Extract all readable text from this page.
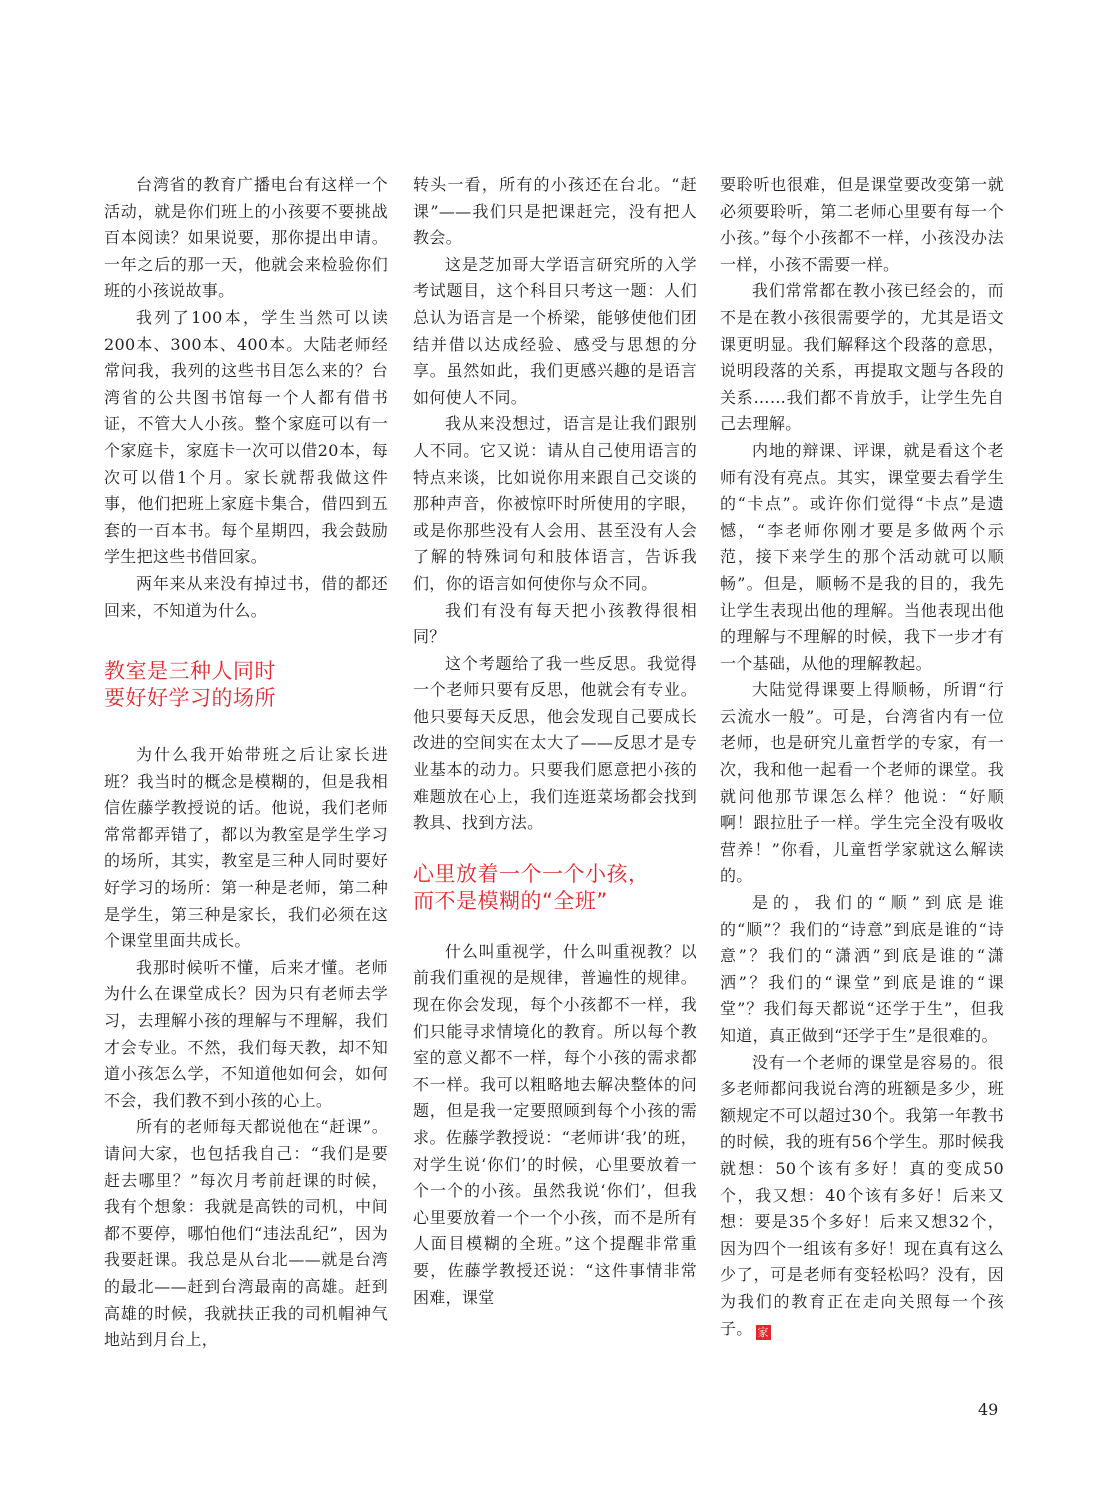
台湾省的教育广播电台有这样一个活动，就是你们班上的小孩要不要挑战百本阅读？如果说要，那你提出申请。一年之后的那一天，他就会来检验你们班的小孩说故事。

我列了100本，学生当然可以读200本、300本、400本。大陆老师经常问我，我列的这些书目怎么来的？台湾省的公共图书馆每一个人都有借书证，不管大人小孩。整个家庭可以有一个家庭卡，家庭卡一次可以借20本，每次可以借1个月。家长就帮我做这件事，他们把班上家庭卡集合，借四到五套的一百本书。每个星期四，我会鼓励学生把这些书借回家。

两年来从来没有掉过书，借的都还回来，不知道为什么。

教室是三种人同时
要好好学习的场所

为什么我开始带班之后让家长进班？我当时的概念是模糊的，但是我相信佐藤学教授说的话。他说，我们老师常常都弄错了，都以为教室是学生学习的场所，其实，教室是三种人同时要好好学习的场所：第一种是老师，第二种是学生，第三种是家长，我们必须在这个课堂里面共成长。

我那时候听不懂，后来才懂。老师为什么在课堂成长？因为只有老师去学习，去理解小孩的理解与不理解，我们才会专业。不然，我们每天教，却不知道小孩怎么学，不知道他如何会，如何不会，我们教不到小孩的心上。

所有的老师每天都说他在“赶课”。请问大家，也包括我自己：“我们是要赶去哪里？”每次月考前赶课的时候，我有个想象：我就是高铁的司机，中间都不要停，哪怕他们“违法乱纪”，因为我要赶课。我总是从台北——就是台湾的最北——赶到台湾最南的高雄。赶到高雄的时候，我就扶正我的司机帽神气地站到月台上，

转头一看，所有的小孩还在台北。“赶课”——我们只是把课赶完，没有把人教会。

这是芝加哥大学语言研究所的入学考试题目，这个科目只考这一题：人们总认为语言是一个桥梁，能够使他们团结并借以达成经验、感受与思想的分享。虽然如此，我们更感兴趣的是语言如何使人不同。

我从来没想过，语言是让我们跟别人不同。它又说：请从自己使用语言的特点来谈，比如说你用来跟自己交谈的那种声音，你被惊吓时所使用的字眼，或是你那些没有人会用、甚至没有人会了解的特殊词句和肢体语言，告诉我们，你的语言如何使你与众不同。

我们有没有每天把小孩教得很相同？

这个考题给了我一些反思。我觉得一个老师只要有反思，他就会有专业。他只要每天反思，他会发现自己要成长改进的空间实在太大了——反思才是专业基本的动力。只要我们愿意把小孩的难题放在心上，我们连逛菜场都会找到教具、找到方法。

心里放着一个一个小孩，
而不是模糊的“全班”

什么叫重视学，什么叫重视教？以前我们重视的是规律，普遍性的规律。现在你会发现，每个小孩都不一样，我们只能寻求情境化的教育。所以每个教室的意义都不一样，每个小孩的需求都不一样。我可以粗略地去解决整体的问题，但是我一定要照顾到每个小孩的需求。佐藤学教授说：“老师讲‘我’的班，对学生说‘你们’的时候，心里要放着一个一个的小孩。虽然我说‘你们’，但我心里要放着一个一个小孩，而不是所有人面目模糊的全班。”这个提醒非常重要，佐藤学教授还说：“这件事情非常困难，课堂

要聆听也很难，但是课堂要改变第一就必须要聆听，第二老师心里要有每一个小孩。”每个小孩都不一样，小孩没办法一样，小孩不需要一样。

我们常常都在教小孩已经会的，而不是在教小孩很需要学的，尤其是语文课更明显。我们解释这个段落的意思，说明段落的关系，再提取文题与各段的关系……我们都不肯放手，让学生先自己去理解。

内地的辩课、评课，就是看这个老师有没有亮点。其实，课堂要去看学生的“卡点”。或许你们觉得“卡点”是遗憾，“李老师你刚才要是多做两个示范，接下来学生的那个活动就可以顺畅”。但是，顺畅不是我的目的，我先让学生表现出他的理解。当他表现出他的理解与不理解的时候，我下一步才有一个基础，从他的理解教起。

大陆觉得课要上得顺畅，所谓“行云流水一般”。可是，台湾省内有一位老师，也是研究儿童哲学的专家，有一次，我和他一起看一个老师的课堂。我就问他那节课怎么样？他说：“好顺啊！跟拉肚子一样。学生完全没有吸收营养！”你看，儿童哲学家就这么解读的。

是的，我们的“顺”到底是谁的“顺”？我们的“诗意”到底是谁的“诗意”？我们的“潇洒”到底是谁的“潇洒”？我们的“课堂”到底是谁的“课堂”？我们每天都说“还学于生”，但我知道，真正做到“还学于生”是很难的。

没有一个老师的课堂是容易的。很多老师都问我说台湾的班额是多少，班额规定不可以超过30个。我第一年教书的时候，我的班有56个学生。那时候我就想：50个该有多好！真的变成50个，我又想：40个该有多好！后来又想：要是35个多好！后来又想32个，因为四个一组该有多好！现在真有这么少了，可是老师有变轻松吗？没有，因为我们的教育正在走向关照每一个孩子。 家

49
